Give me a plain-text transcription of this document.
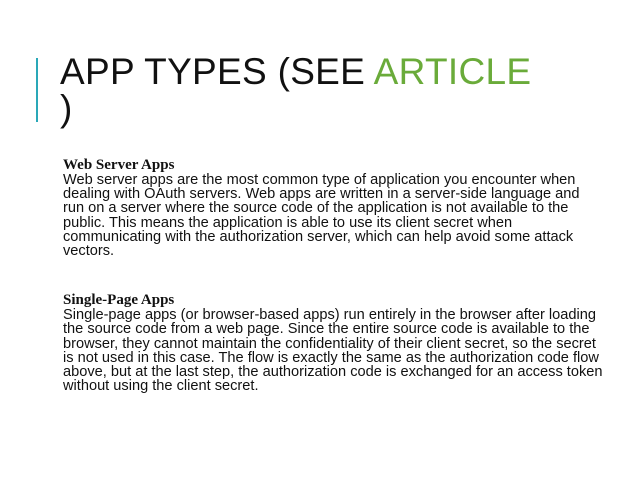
APP TYPES (SEE ARTICLE
)
Web Server Apps

Web server apps are the most common type of application you encounter when dealing with OAuth servers. Web apps are written in a server-side language and run on a server where the source code of the application is not available to the public. This means the application is able to use its client secret when communicating with the authorization server, which can help avoid some attack vectors.

Single-Page Apps

Single-page apps (or browser-based apps) run entirely in the browser after loading the source code from a web page. Since the entire source code is available to the browser, they cannot maintain the confidentiality of their client secret, so the secret is not used in this case. The flow is exactly the same as the authorization code flow above, but at the last step, the authorization code is exchanged for an access token without using the client secret.
